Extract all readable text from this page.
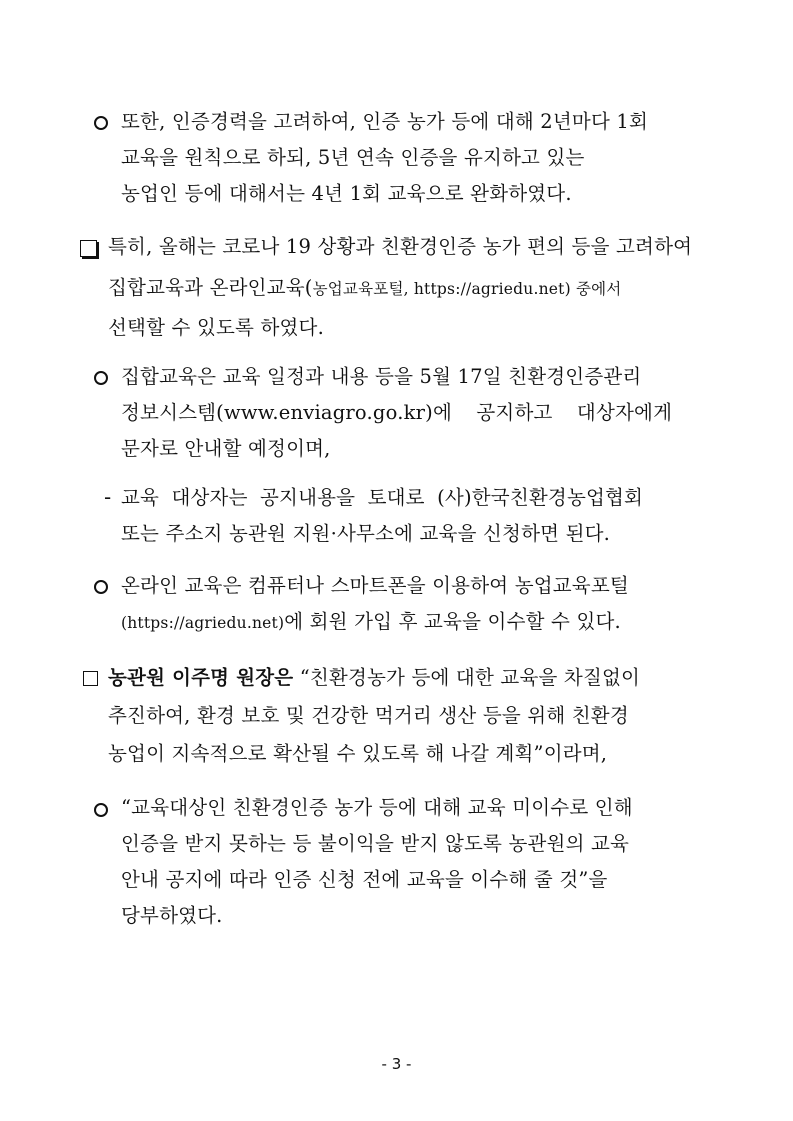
또한, 인증경력을 고려하여, 인증 농가 등에 대해 2년마다 1회
교육을 원칙으로 하되, 5년 연속 인증을 유지하고 있는
농업인 등에 대해서는 4년 1회 교육으로 완화하였다.
특히, 올해는 코로나 19 상황과 친환경인증 농가 편의 등을 고려하여
집합교육과 온라인교육(농업교육포털, https://agriedu.net) 중에서
선택할 수 있도록 하였다.
집합교육은 교육 일정과 내용 등을 5월 17일 친환경인증관리
정보시스템(www.enviagro.go.kr)에 공지하고 대상자에게
문자로 안내할 예정이며,
- 교육 대상자는 공지내용을 토대로 (사)한국친환경농업협회
또는 주소지 농관원 지원·사무소에 교육을 신청하면 된다.
온라인 교육은 컴퓨터나 스마트폰을 이용하여 농업교육포털
(https://agriedu.net)에 회원 가입 후 교육을 이수할 수 있다.
농관원 이주명 원장은 “친환경농가 등에 대한 교육을 차질없이
추진하여, 환경 보호 및 건강한 먹거리 생산 등을 위해 친환경
농업이 지속적으로 확산될 수 있도록 해 나갈 계획”이라며,
“교육대상인 친환경인증 농가 등에 대해 교육 미이수로 인해
인증을 받지 못하는 등 불이익을 받지 않도록 농관원의 교육
안내 공지에 따라 인증 신청 전에 교육을 이수해 줄 것”을
당부하였다.
- 3 -
